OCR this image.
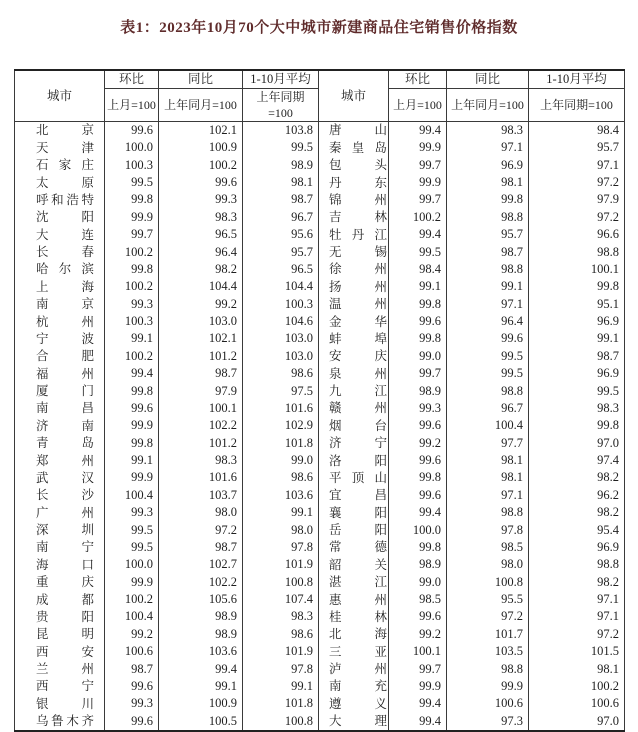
表1：2023年10月70个大中城市新建商品住宅销售价格指数
城市	环比	同比	1-10月平均	城市	环比	同比	1-10月平均
	上月=100	上年同月=100	上年同期=100		上月=100	上年同月=100	上年同期=100

北 京	99.6	102.1	103.8	唐 山	99.4	98.3	98.4

天 津	100.0	100.9	99.5	秦 皇 岛	99.9	97.1	95.7

石 家 庄	100.3	100.2	98.9	包 头	99.7	96.9	97.1

太 原	99.5	99.6	98.1	丹 东	99.9	98.1	97.2

呼 和 浩 特	99.8	99.3	98.7	锦 州	99.7	99.8	97.9

沈 阳	99.9	98.3	96.7	吉 林	100.2	98.8	97.2

大 连	99.7	96.5	95.6	牡 丹 江	99.4	95.7	96.6

长 春	100.2	96.4	95.7	无 锡	99.5	98.7	98.8

哈 尔 滨	99.8	98.2	96.5	徐 州	98.4	98.8	100.1

上 海	100.2	104.4	104.4	扬 州	99.1	99.1	99.8

南 京	99.3	99.2	100.3	温 州	99.8	97.1	95.1

杭 州	100.3	103.0	104.6	金 华	99.6	96.4	96.9

宁 波	99.1	102.1	103.0	蚌 埠	99.8	99.6	99.1

合 肥	100.2	101.2	103.0	安 庆	99.0	99.5	98.7

福 州	99.4	98.7	98.6	泉 州	99.7	99.5	96.9

厦 门	99.8	97.9	97.5	九 江	98.9	98.8	99.5

南 昌	99.6	100.1	101.6	赣 州	99.3	96.7	98.3

济 南	99.9	102.2	102.9	烟 台	99.6	100.4	99.8

青 岛	99.8	101.2	101.8	济 宁	99.2	97.7	97.0

郑 州	99.1	98.3	99.0	洛 阳	99.6	98.1	97.4

武 汉	99.9	101.6	98.6	平 顶 山	99.8	98.1	98.2

长 沙	100.4	103.7	103.6	宜 昌	99.6	97.1	96.2

广 州	99.3	98.0	99.1	襄 阳	99.4	98.8	98.2

深 圳	99.5	97.2	98.0	岳 阳	100.0	97.8	95.4

南 宁	99.5	98.7	97.8	常 德	99.8	98.5	96.9

海 口	100.0	102.7	101.9	韶 关	98.9	98.0	98.8

重 庆	99.9	102.2	100.8	湛 江	99.0	100.8	98.2

成 都	100.2	105.6	107.4	惠 州	98.5	95.5	97.1

贵 阳	100.4	98.9	98.3	桂 林	99.6	97.2	97.1

昆 明	99.2	98.9	98.6	北 海	99.2	101.7	97.2

西 安	100.6	103.6	101.9	三 亚	100.1	103.5	101.5

兰 州	98.7	99.4	97.8	泸 州	99.7	98.8	98.1

西 宁	99.6	99.1	99.1	南 充	99.9	99.9	100.2

银 川	99.3	100.9	101.8	遵 义	99.4	100.6	100.6

乌 鲁 木 齐	99.6	100.5	100.8	大 理	99.4	97.3	97.0
